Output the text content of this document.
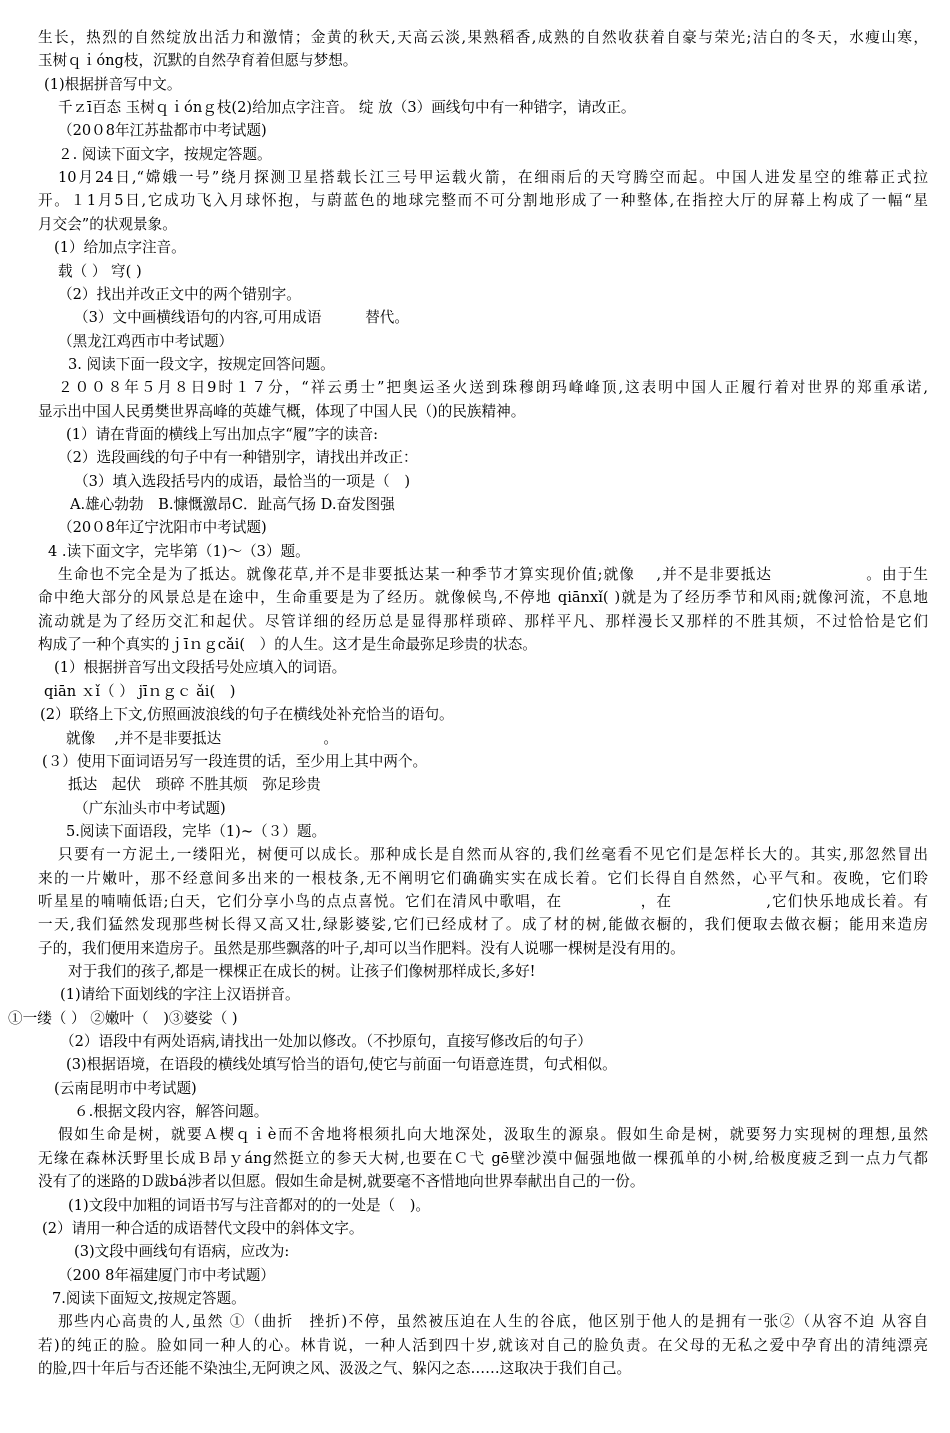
生长，热烈的自然绽放出活力和激情；金黄的秋天,天高云淡,果熟稻香,成熟的自然收获着自豪与荣光;洁白的冬天，水瘦山寒，
玉树ｑｉóng枝，沉默的自然孕育着但愿与梦想。
(1)根据拼音写中文。
千ｚī百态 玉树ｑｉónｇ枝(2)给加点字注音。 绽 放（3）画线句中有一种错字，请改正。
（20０8年江苏盐都市中考试题)
２. 阅读下面文字，按规定答题。
10月24日,“嫦娥一号”绕月探测卫星搭载长江三号甲运载火箭，在细雨后的天穹腾空而起。中国人进发星空的维幕正式拉
开。１1月5日,它成功飞入月球怀抱，与蔚蓝色的地球完整而不可分割地形成了一种整体,在指控大厅的屏幕上构成了一幅“星
月交会”的状观景象。
(1）给加点字注音。
载（ ） 穹( )
（2）找出并改正文中的两个错别字。
（3）文中画横线语句的内容,可用成语　　　替代。
（黑龙江鸡西市中考试题）
3. 阅读下面一段文字，按规定回答问题。
２００８年５月８日9时１７分，“祥云勇士”把奥运圣火送到珠穆朗玛峰峰顶,这表明中国人正履行着对世界的郑重承诺,
显示出中国人民勇樊世界高峰的英雄气概，体现了中国人民（)的民族精神。
(1）请在背面的横线上写出加点字“履”字的读音:
（2）选段画线的句子中有一种错别字，请找出并改正：
（3）填入选段括号内的成语，最恰当的一项是（　)
A.雄心勃勃　B.慷慨激昂C．趾高气扬 D.奋发图强
（20０8年辽宁沈阳市中考试题)
4 .读下面文字，完毕第（1)～（3）题。
生命也不完全是为了抵达。就像花草,并不是非要抵达某一种季节才算实现价值;就像　 ,并不是非要抵达　　　　　　。由于生
命中绝大部分的风景总是在途中，生命重要是为了经历。就像候鸟,不停地 qiānxǐ( )就是为了经历季节和风雨;就像河流，不息地
流动就是为了经历交汇和起伏。尽管详细的经历总是显得那样琐碎、那样平凡、那样漫长又那样的不胜其烦，不过恰恰是它们
构成了一种个真实的ｊīｎｇcǎi(　）的人生。这才是生命最弥足珍贵的状态。
(1）根据拼音写出文段括号处应填入的词语。
qiān ｘǐ（ ） jīｎｇｃ ǎi(　)
(2）联络上下文,仿照画波浪线的句子在横线处补充恰当的语句。
就像　 ,并不是非要抵达　　　　　　　。
(３）使用下面词语另写一段连贯的话，至少用上其中两个。
抵达　起伏　琐碎 不胜其烦　弥足珍贵
（广东汕头市中考试题)
5.阅读下面语段，完毕（1)~（３）题。
只要有一方泥土,一缕阳光，树便可以成长。那种成长是自然而从容的,我们丝毫看不见它们是怎样长大的。其实,那忽然冒出
来的一片嫩叶，那不经意间多出来的一根枝条,无不阐明它们确确实实在成长着。它们长得自自然然，心平气和。夜晚，它们聆
听星星的喃喃低语;白天，它们分享小鸟的点点喜悦。它们在清风中歌唱，在　　　　　，在　　　　　　,它们快乐地成长着。有
一天,我们猛然发现那些树长得又高又壮,绿影婆娑,它们已经成材了。成了材的树,能做衣橱的，我们便取去做衣橱；能用来造房
子的，我们便用来造房子。虽然是那些飘落的叶子,却可以当作肥料。没有人说哪一棵树是没有用的。
对于我们的孩子,都是一棵棵正在成长的树。让孩子们像树那样成长,多好!
(1)请给下面划线的字注上汉语拼音。
①一缕（ ） ②嫩叶（　)③婆娑（ )
（2）语段中有两处语病,请找出一处加以修改。（不抄原句，直接写修改后的句子）
(3)根据语境，在语段的横线处填写恰当的语句,使它与前面一句语意连贯，句式相似。
(云南昆明市中考试题)
６.根据文段内容，解答问题。
假如生命是树，就要Ａ楔ｑｉè而不舍地将根须扎向大地深处，汲取生的源泉。假如生命是树，就要努力实现树的理想,虽然
无缘在森林沃野里长成Ｂ昂ｙáng然挺立的参天大树,也要在Ｃ弋 gē壁沙漠中倔强地做一棵孤单的小树,给极度疲乏到一点力气都
没有了的迷路的Ｄ跋bá涉者以但愿。假如生命是树,就要毫不吝惜地向世界奉献出自己的一份。
(1)文段中加粗的词语书写与注音都对的的一处是（　)。
(2）请用一种合适的成语替代文段中的斜体文字。
(3)文段中画线句有语病，应改为:
（200 8年福建厦门市中考试题）
7.阅读下面短文,按规定答题。
那些内心高贵的人,虽然 ①（曲折　挫折)不停，虽然被压迫在人生的谷底，他区别于他人的是拥有一张②（从容不迫 从容自
若)的纯正的脸。脸如同一种人的心。林肯说，一种人活到四十岁,就该对自己的脸负责。在父母的无私之爱中孕育出的清纯漂亮
的脸,四十年后与否还能不染浊尘,无阿谀之风、汲汲之气、躲闪之态……这取决于我们自己。
